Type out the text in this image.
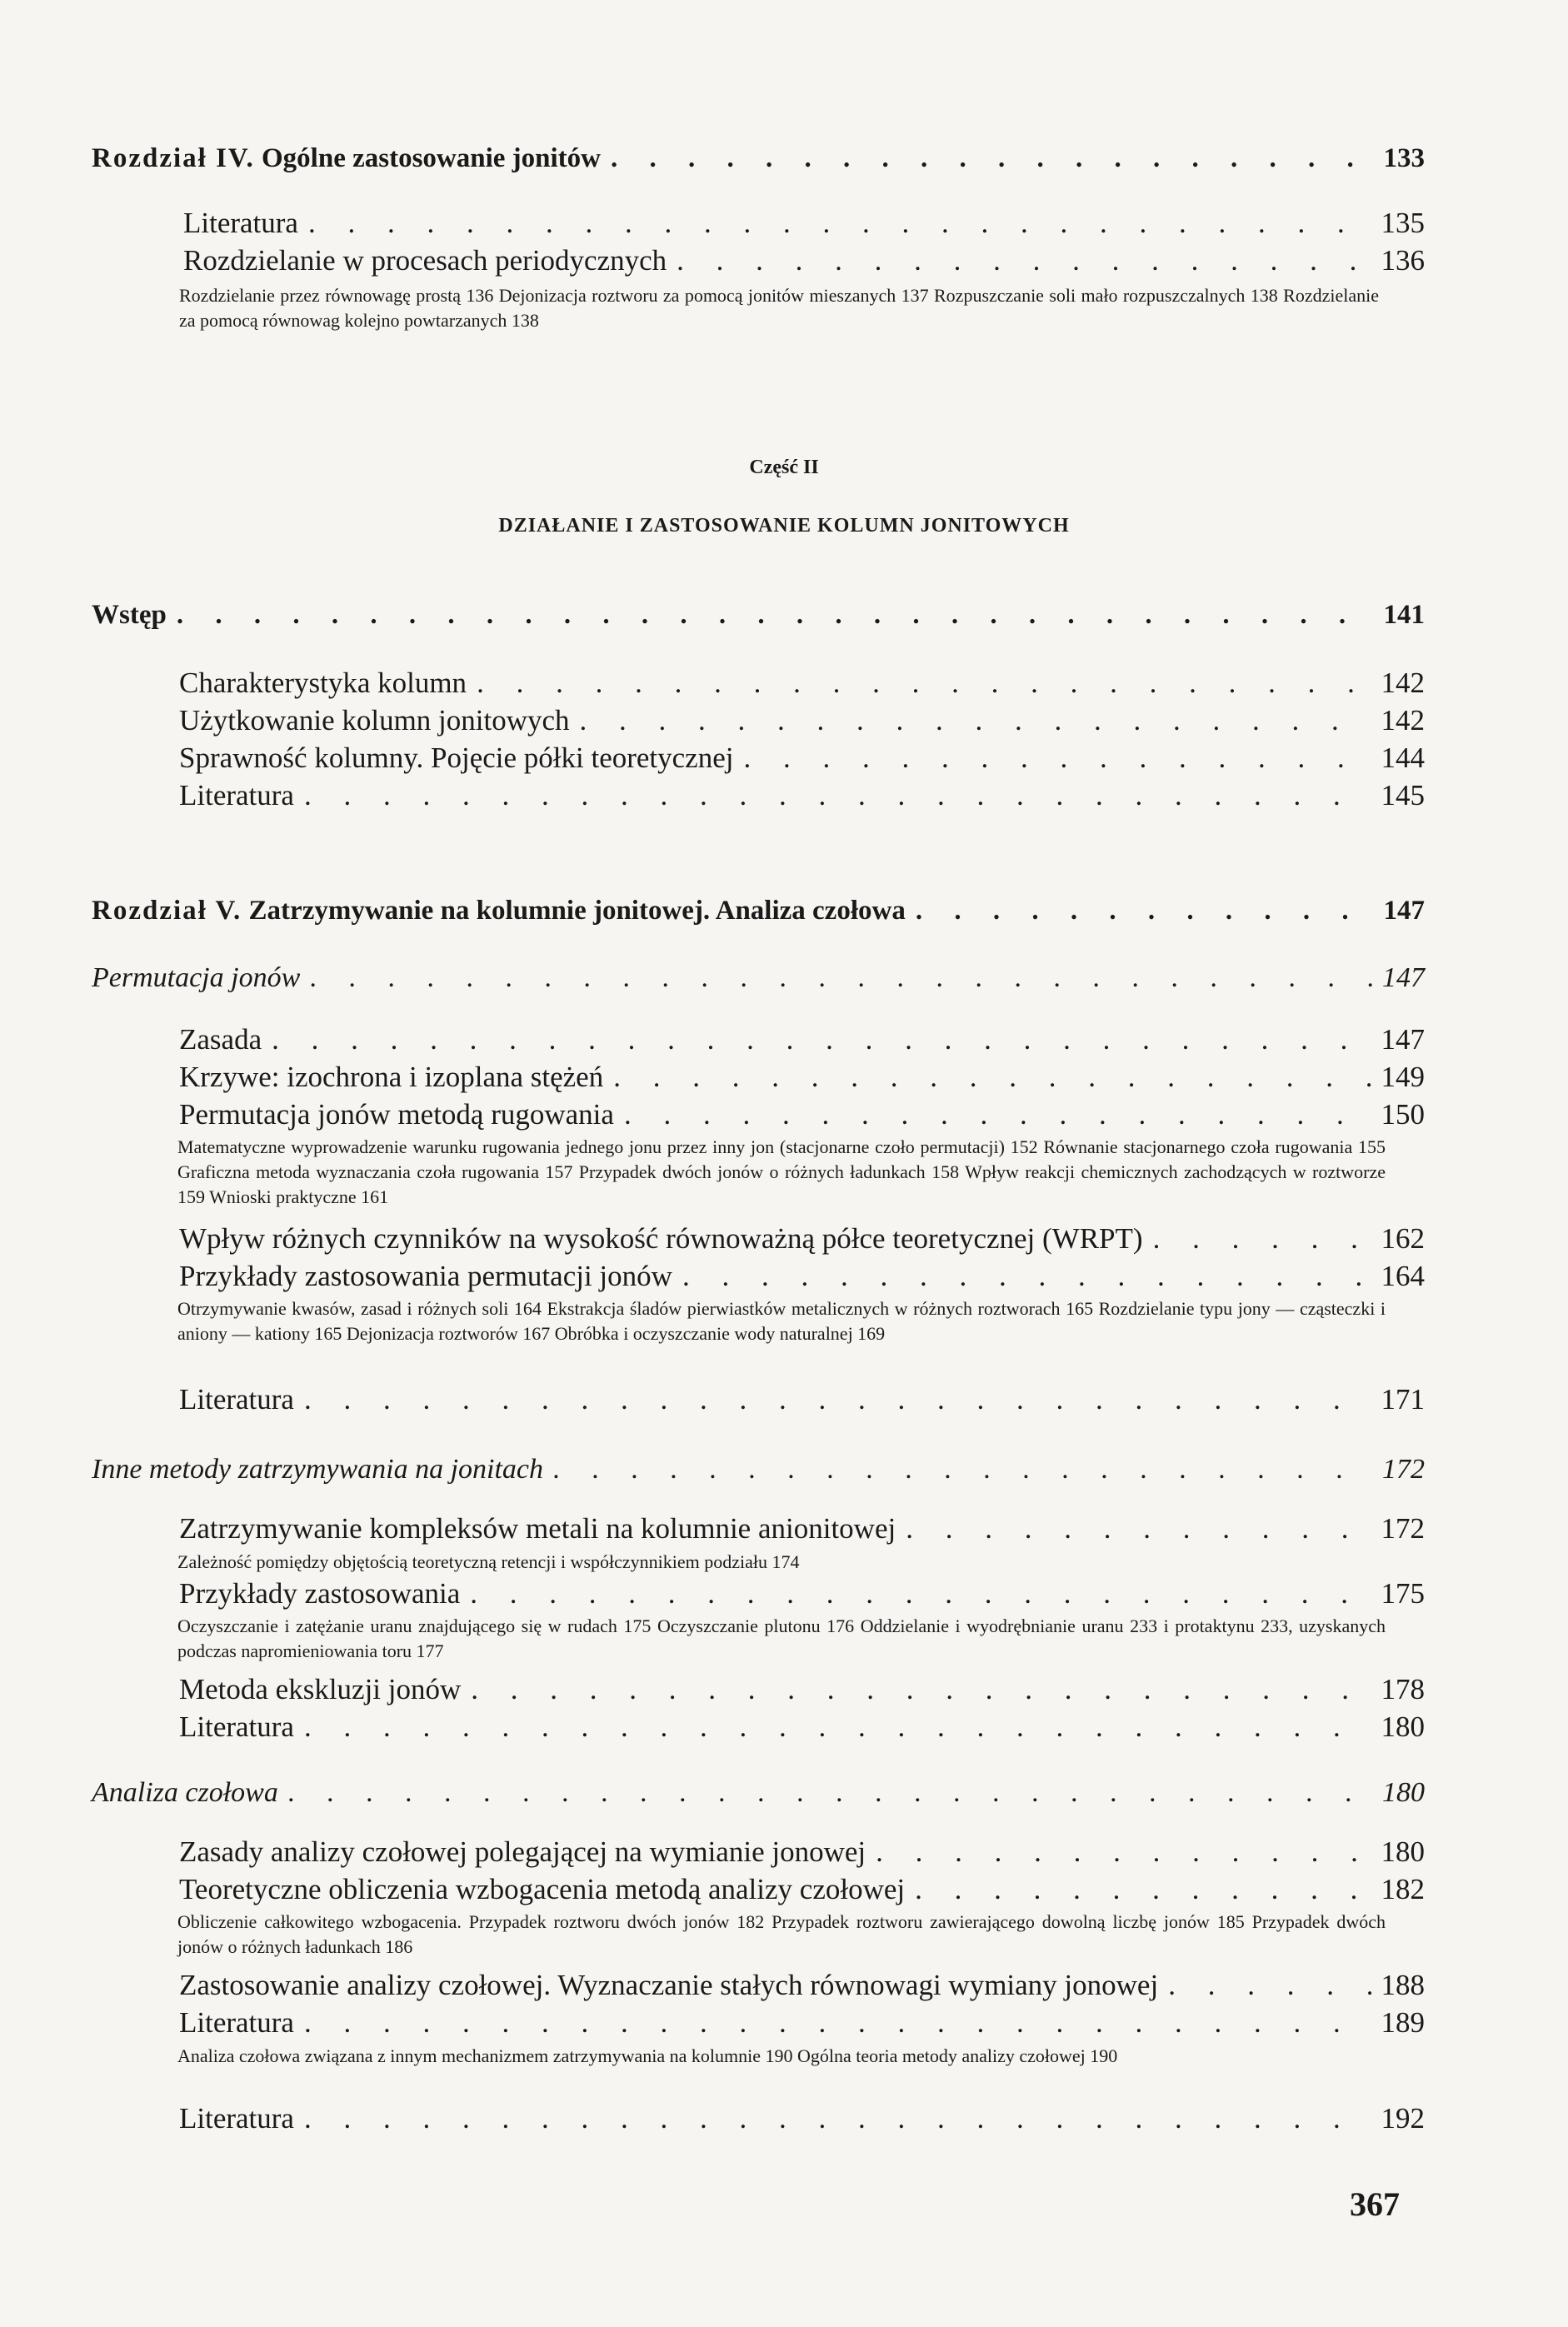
Rozdział IV. Ogólne zastosowanie jonitów . . .	133
Literatura . . .	135
Rozdzielanie w procesach periodycznych . . .	136
Rozdzielanie przez równowagę prostą 136 Dejonizacja roztworu za pomocą jonitów mieszanych 137 Rozpuszczanie soli mało rozpuszczalnych 138 Rozdzielanie za pomocą równowag kolejno powtarzanych 138
Część II
DZIAŁANIE I ZASTOSOWANIE KOLUMN JONITOWYCH
Wstęp . . .	141
Charakterystyka kolumn . . .	142
Użytkowanie kolumn jonitowych . . .	142
Sprawność kolumny. Pojęcie półki teoretycznej . . .	144
Literatura . . .	145
Rozdział V. Zatrzymywanie na kolumnie jonitowej. Analiza czołowa . . .	147
Permutacja jonów . . .	147
Zasada . . .	147
Krzywe: izochrona i izoplana stężeń . . .	149
Permutacja jonów metodą rugowania . . .	150
Matematyczne wyprowadzenie warunku rugowania jednego jonu przez inny jon (stacjonarne czoło permutacji) 152 Równanie stacjonarnego czoła rugowania 155 Graficzna metoda wyznaczania czoła rugowania 157 Przypadek dwóch jonów o różnych ładunkach 158 Wpływ reakcji chemicznych zachodzących w roztworze 159 Wnioski praktyczne 161
Wpływ różnych czynników na wysokość równoważną półce teoretycznej (WRPT) . . .	162
Przykłady zastosowania permutacji jonów . . .	164
Otrzymywanie kwasów, zasad i różnych soli 164 Ekstrakcja śladów pierwiastków metalicznych w różnych roztworach 165 Rozdzielanie typu jony — cząsteczki i aniony — kationy 165 Dejonizacja roztworów 167 Obróbka i oczyszczanie wody naturalnej 169
Literatura . . .	171
Inne metody zatrzymywania na jonitach . . .	172
Zatrzymywanie kompleksów metali na kolumnie anionitowej . . .	172
Zależność pomiędzy objętością teoretyczną retencji i współczynnikiem podziału 174
Przykłady zastosowania . . .	175
Oczyszczanie i zatężanie uranu znajdującego się w rudach 175 Oczyszczanie plutonu 176 Oddzielanie i wyodrębnianie uranu 233 i protaktynu 233, uzyskanych podczas napromieniowania toru 177
Metoda ekskluzji jonów . . .	178
Literatura . . .	180
Analiza czołowa . . .	180
Zasady analizy czołowej polegającej na wymianie jonowej . . .	180
Teoretyczne obliczenia wzbogacenia metodą analizy czołowej . . .	182
Obliczenie całkowitego wzbogacenia. Przypadek roztworu dwóch jonów 182 Przypadek roztworu zawierającego dowolną liczbę jonów 185 Przypadek dwóch jonów o różnych ładunkach 186
Zastosowanie analizy czołowej. Wyznaczanie stałych równowagi wymiany jonowej . . .	188
Literatura . . .	189
Analiza czołowa związana z innym mechanizmem zatrzymywania na kolumnie 190 Ogólna teoria metody analizy czołowej 190
Literatura . . .	192
367
